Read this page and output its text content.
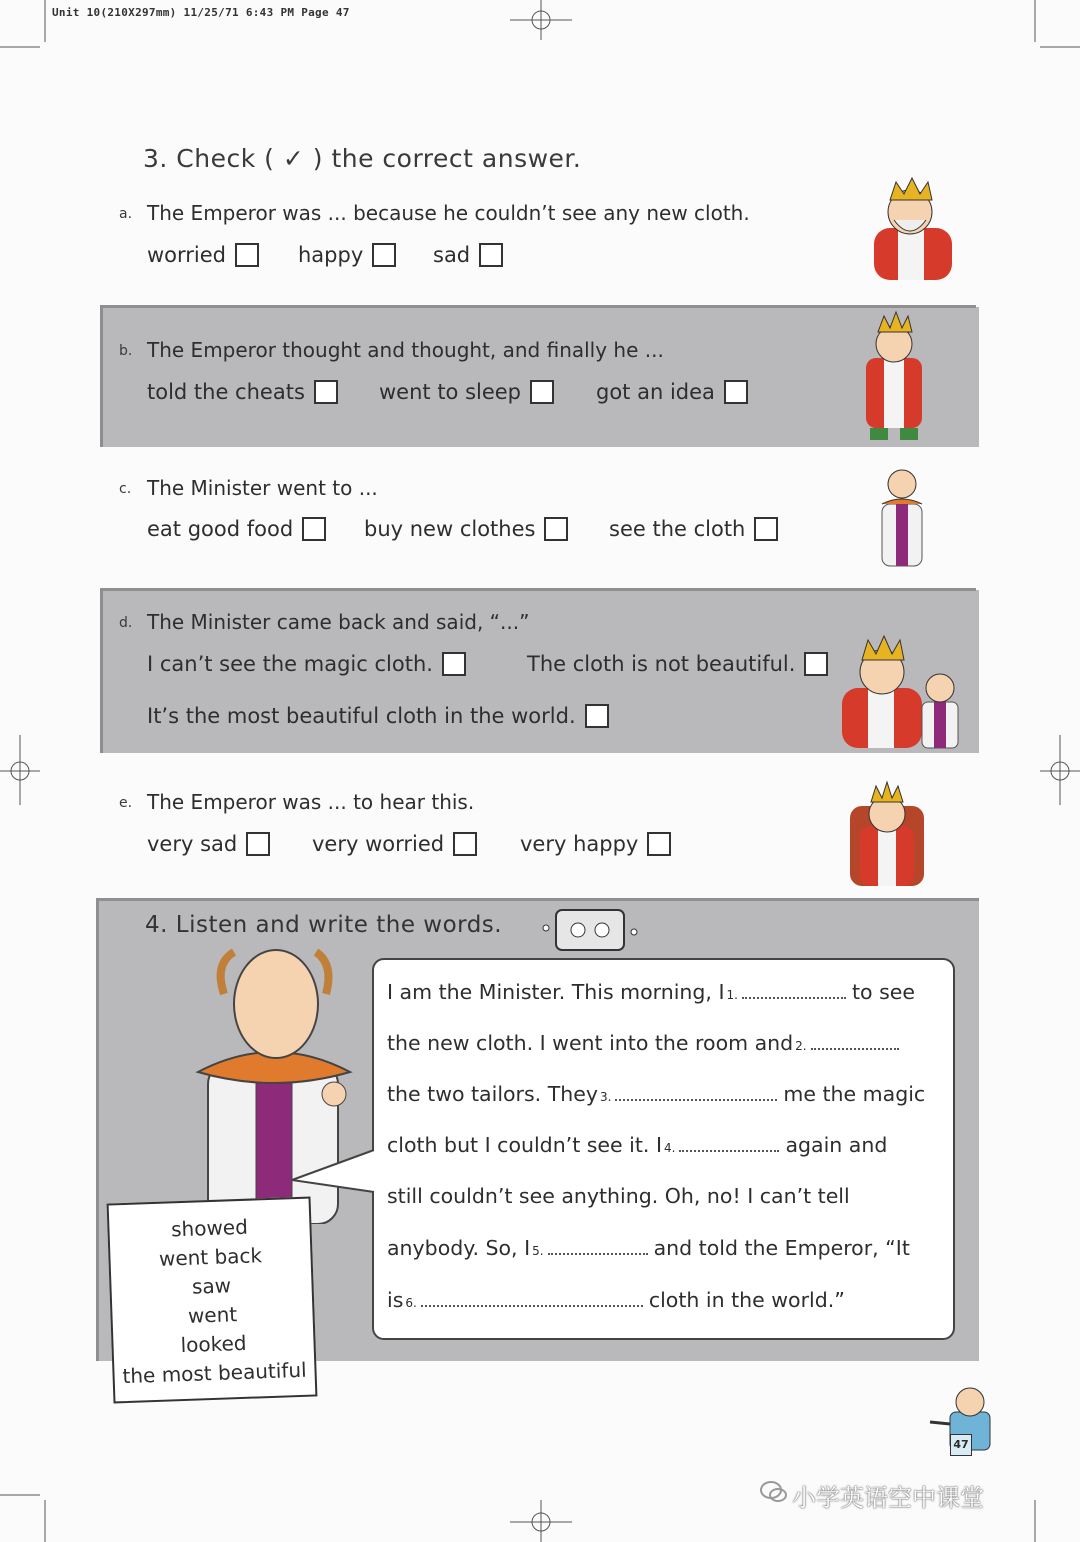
Unit 10(210X297mm) 11/25/71 6:43 PM Page 47
3. Check ( ✓ ) the correct answer.
a. The Emperor was ... because he couldn’t see any new cloth.
worried	happy	sad
b. The Emperor thought and thought, and finally he ...
told the cheats	went to sleep	got an idea
c. The Minister went to ...
eat good food	buy new clothes	see the cloth
d. The Minister came back and said, “...”
I can’t see the magic cloth.	The cloth is not beautiful.
It’s the most beautiful cloth in the world.
e. The Emperor was ... to hear this.
very sad	very worried	very happy
4. Listen and write the words.
I am the Minister. This morning, I 1.	to see
the new cloth. I went into the room and 2.
the two tailors. They 3.	me the magic
cloth but I couldn’t see it. I 4.	again and
still couldn’t see anything. Oh, no! I can’t tell
anybody. So, I 5.	and told the Emperor, “It
is 6.	cloth in the world.”
showed
went back
saw
went
looked
the most beautiful
47
小学英语空中课堂
